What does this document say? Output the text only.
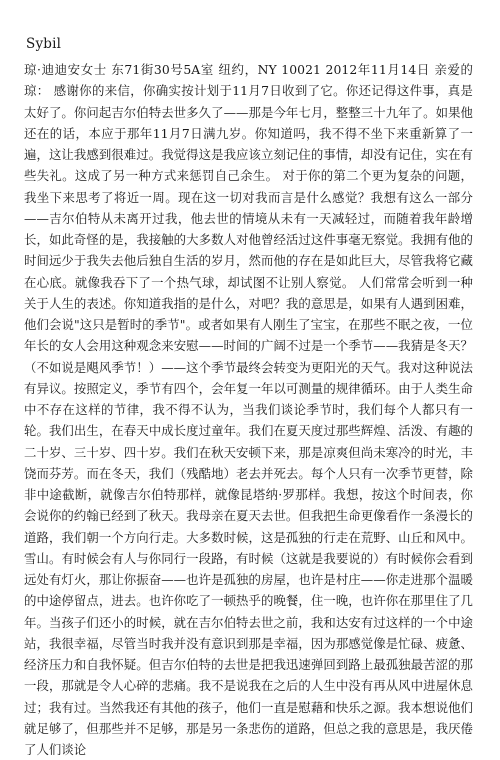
Sybil

琼·迪迪安女士 东71街30号5A室 纽约，NY 10021 2012年11月14日 亲爱的琼： 感谢你的来信，你确实按计划于11月7日收到了它。你还记得这件事，真是太好了。你问起吉尔伯特去世多久了——那是今年七月，整整三十九年了。如果他还在的话，本应于那年11月7日满九岁。你知道吗，我不得不坐下来重新算了一遍，这让我感到很难过。我觉得这是我应该立刻记住的事情，却没有记住，实在有些失礼。这成了另一种方式来惩罚自己余生。 对于你的第二个更为复杂的问题，我坐下来思考了将近一周。现在这一切对我而言是什么感觉？我想有这么一部分——吉尔伯特从未离开过我，他去世的情境从未有一天减轻过，而随着我年龄增长，如此奇怪的是，我接触的大多数人对他曾经活过这件事毫无察觉。我拥有他的时间远少于我失去他后独自生活的岁月，然而他的存在是如此巨大，尽管我将它藏在心底。就像我吞下了一个热气球，却试图不让别人察觉。 人们常常会听到一种关于人生的表述。你知道我指的是什么，对吧？我的意思是，如果有人遇到困难，他们会说"这只是暂时的季节"。或者如果有人刚生了宝宝，在那些不眠之夜，一位年长的女人会用这种观念来安慰——时间的广阔不过是一个季节——我猜是冬天？ （不如说是飓风季节！）——这个季节最终会转变为更阳光的天气。我对这种说法有异议。按照定义，季节有四个，会年复一年以可测量的规律循环。由于人类生命中不存在这样的节律，我不得不认为，当我们谈论季节时，我们每个人都只有一轮。我们出生，在春天中成长度过童年。我们在夏天度过那些辉煌、活泼、有趣的二十岁、三十岁、四十岁。我们在秋天安顿下来，那是凉爽但尚未寒冷的时光，丰饶而芬芳。而在冬天，我们（残酷地）老去并死去。每个人只有一次季节更替，除非中途截断，就像吉尔伯特那样，就像昆塔纳·罗那样。我想，按这个时间表，你会说你的约翰已经到了秋天。我母亲在夏天去世。但我把生命更像看作一条漫长的道路，我们朝一个方向行走。大多数时候，这是孤独的行走在荒野、山丘和风中。雪山。有时候会有人与你同行一段路，有时候（这就是我要说的）有时候你会看到远处有灯火，那让你振奋——也许是孤独的房屋，也许是村庄——你走进那个温暖的中途停留点，进去。也许你吃了一顿热乎的晚餐，住一晚，也许你在那里住了几年。当孩子们还小的时候，就在吉尔伯特去世之前，我和达安有过这样的一个中途站，我很幸福，尽管当时我并没有意识到那是幸福，因为那感觉像是忙碌、疲惫、经济压力和自我怀疑。但吉尔伯特的去世是把我迅速弹回到路上最孤独最苦涩的那一段，那就是令人心碎的悲痛。我不是说我在之后的人生中没有再从风中进屋休息过；我有过。当然我还有其他的孩子，他们一直是慰藉和快乐之源。我本想说他们就足够了，但那些并不足够，那是另一条悲伤的道路，但总之我的意思是，我厌倦了人们谈论
